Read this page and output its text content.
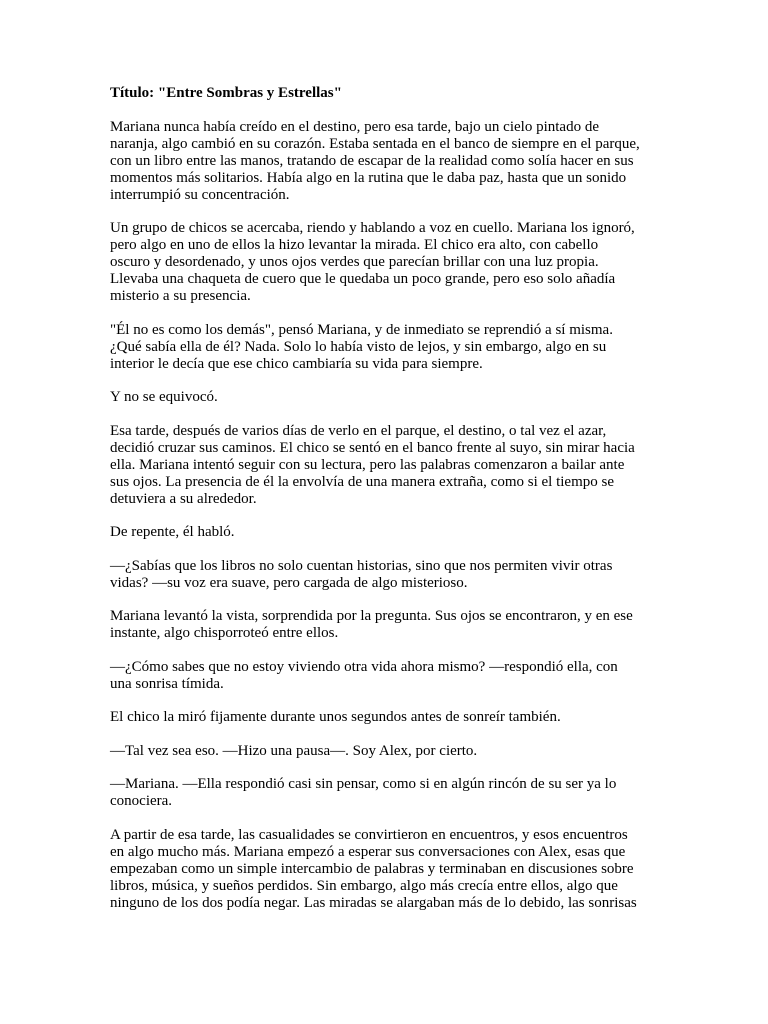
Título: "Entre Sombras y Estrellas"
Mariana nunca había creído en el destino, pero esa tarde, bajo un cielo pintado de
naranja, algo cambió en su corazón. Estaba sentada en el banco de siempre en el parque,
con un libro entre las manos, tratando de escapar de la realidad como solía hacer en sus
momentos más solitarios. Había algo en la rutina que le daba paz, hasta que un sonido
interrumpió su concentración.
Un grupo de chicos se acercaba, riendo y hablando a voz en cuello. Mariana los ignoró,
pero algo en uno de ellos la hizo levantar la mirada. El chico era alto, con cabello
oscuro y desordenado, y unos ojos verdes que parecían brillar con una luz propia.
Llevaba una chaqueta de cuero que le quedaba un poco grande, pero eso solo añadía
misterio a su presencia.
"Él no es como los demás", pensó Mariana, y de inmediato se reprendió a sí misma.
¿Qué sabía ella de él? Nada. Solo lo había visto de lejos, y sin embargo, algo en su
interior le decía que ese chico cambiaría su vida para siempre.
Y no se equivocó.
Esa tarde, después de varios días de verlo en el parque, el destino, o tal vez el azar,
decidió cruzar sus caminos. El chico se sentó en el banco frente al suyo, sin mirar hacia
ella. Mariana intentó seguir con su lectura, pero las palabras comenzaron a bailar ante
sus ojos. La presencia de él la envolvía de una manera extraña, como si el tiempo se
detuviera a su alrededor.
De repente, él habló.
—¿Sabías que los libros no solo cuentan historias, sino que nos permiten vivir otras
vidas? —su voz era suave, pero cargada de algo misterioso.
Mariana levantó la vista, sorprendida por la pregunta. Sus ojos se encontraron, y en ese
instante, algo chisporroteó entre ellos.
—¿Cómo sabes que no estoy viviendo otra vida ahora mismo? —respondió ella, con
una sonrisa tímida.
El chico la miró fijamente durante unos segundos antes de sonreír también.
—Tal vez sea eso. —Hizo una pausa—. Soy Alex, por cierto.
—Mariana. —Ella respondió casi sin pensar, como si en algún rincón de su ser ya lo
conociera.
A partir de esa tarde, las casualidades se convirtieron en encuentros, y esos encuentros
en algo mucho más. Mariana empezó a esperar sus conversaciones con Alex, esas que
empezaban como un simple intercambio de palabras y terminaban en discusiones sobre
libros, música, y sueños perdidos. Sin embargo, algo más crecía entre ellos, algo que
ninguno de los dos podía negar. Las miradas se alargaban más de lo debido, las sonrisas
